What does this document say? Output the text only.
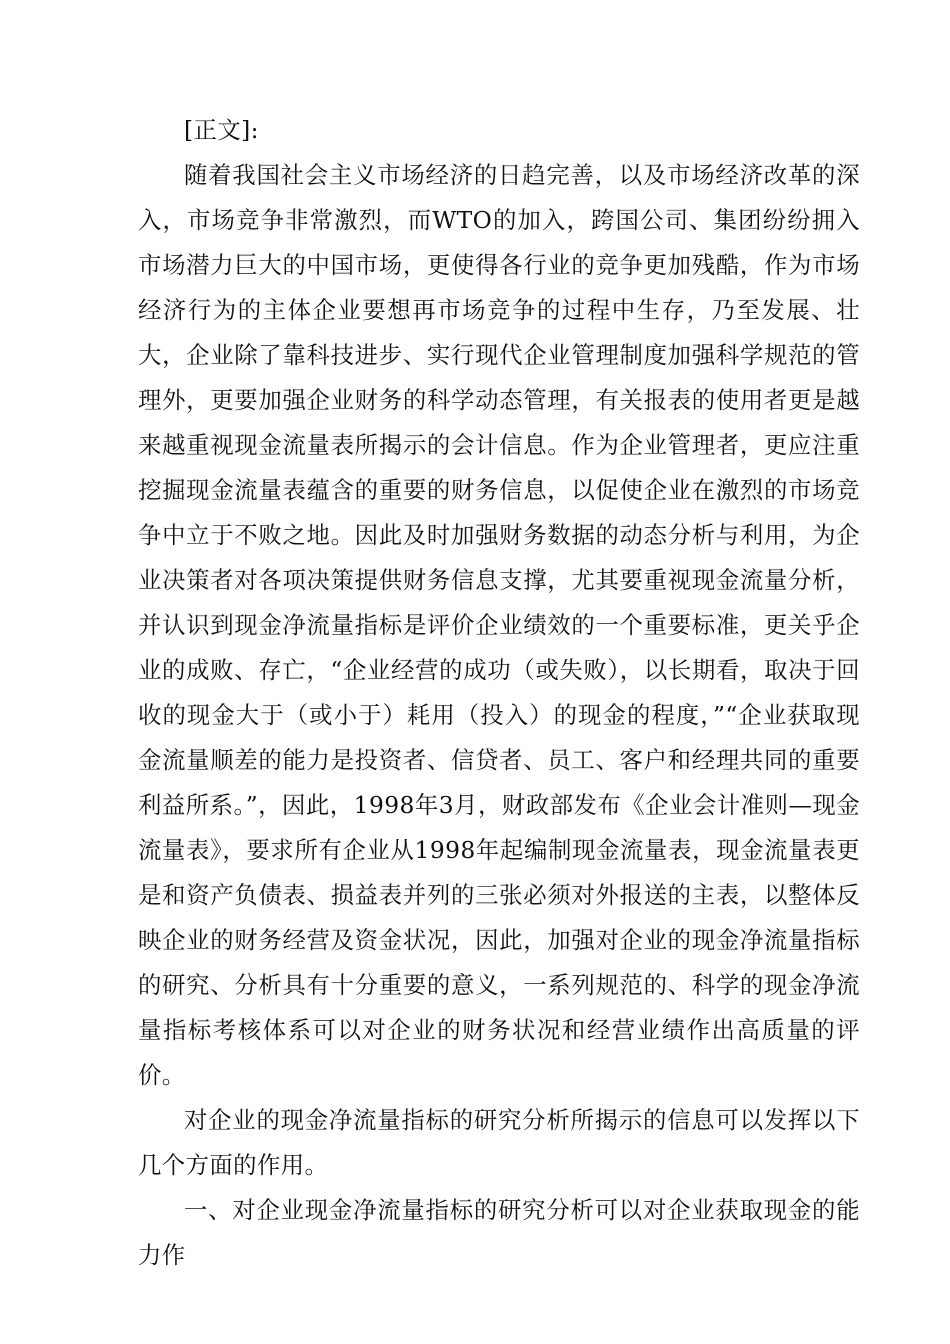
[正文]:

随着我国社会主义市场经济的日趋完善，以及市场经济改革的深入，市场竞争非常激烈，而WTO的加入，跨国公司、集团纷纷拥入市场潜力巨大的中国市场，更使得各行业的竞争更加残酷，作为市场经济行为的主体企业要想再市场竞争的过程中生存，乃至发展、壮大，企业除了靠科技进步、实行现代企业管理制度加强科学规范的管理外，更要加强企业财务的科学动态管理，有关报表的使用者更是越来越重视现金流量表所揭示的会计信息。作为企业管理者，更应注重挖掘现金流量表蕴含的重要的财务信息，以促使企业在激烈的市场竞争中立于不败之地。因此及时加强财务数据的动态分析与利用，为企业决策者对各项决策提供财务信息支撑，尤其要重视现金流量分析，并认识到现金净流量指标是评价企业绩效的一个重要标准，更关乎企业的成败、存亡，“企业经营的成功（或失败），以长期看，取决于回收的现金大于（或小于）耗用（投入）的现金的程度，”“企业获取现金流量顺差的能力是投资者、信贷者、员工、客户和经理共同的重要利益所系。”，因此，1998年3月，财政部发布《企业会计准则—现金流量表》，要求所有企业从1998年起编制现金流量表，现金流量表更是和资产负债表、损益表并列的三张必须对外报送的主表，以整体反映企业的财务经营及资金状况，因此，加强对企业的现金净流量指标的研究、分析具有十分重要的意义，一系列规范的、科学的现金净流量指标考核体系可以对企业的财务状况和经营业绩作出高质量的评价。

对企业的现金净流量指标的研究分析所揭示的信息可以发挥以下几个方面的作用。

一、对企业现金净流量指标的研究分析可以对企业获取现金的能力作
